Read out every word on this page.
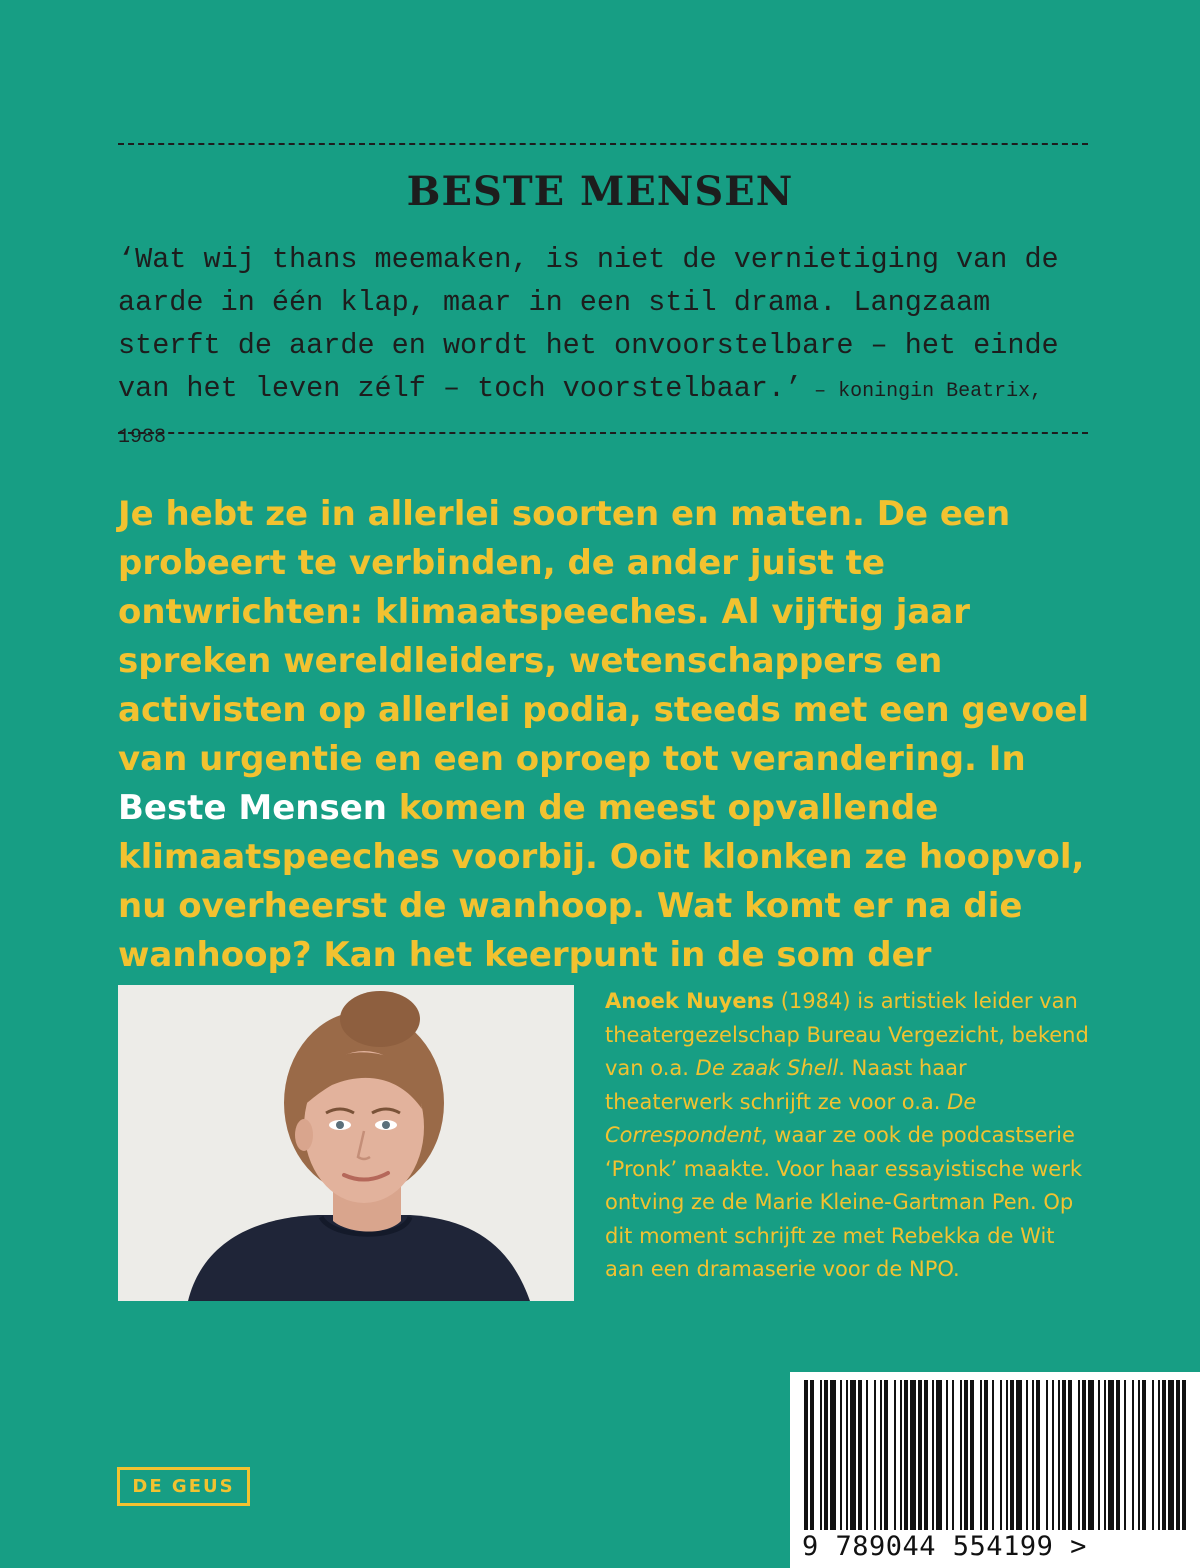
BESTE MENSEN
‘Wat wij thans meemaken, is niet de vernietiging van de aarde in één klap, maar in een stil drama. Langzaam sterft de aarde en wordt het onvoorstelbare – het einde van het leven zélf – toch voorstelbaar.’ – koningin Beatrix, 1988
Je hebt ze in allerlei soorten en maten. De een probeert te verbinden, de ander juist te ontwrichten: klimaatspeeches. Al vijftig jaar spreken wereldleiders, wetenschappers en activisten op allerlei podia, steeds met een gevoel van urgentie en een oproep tot verandering. In Beste Mensen komen de meest opvallende klimaatspeeches voorbij. Ooit klonken ze hoopvol, nu overheerst de wanhoop. Wat komt er na die wanhoop? Kan het keerpunt in de som der
Anoek Nuyens (1984) is artistiek leider van theatergezelschap Bureau Vergezicht, bekend van o.a. De zaak Shell. Naast haar theaterwerk schrijft ze voor o.a. De Correspondent, waar ze ook de podcastserie ‘Pronk’ maakte. Voor haar essayistische werk ontving ze de Marie Kleine-Gartman Pen. Op dit moment schrijft ze met Rebekka de Wit aan een dramaserie voor de NPO.
DE GEUS
9 789044 554199 >
